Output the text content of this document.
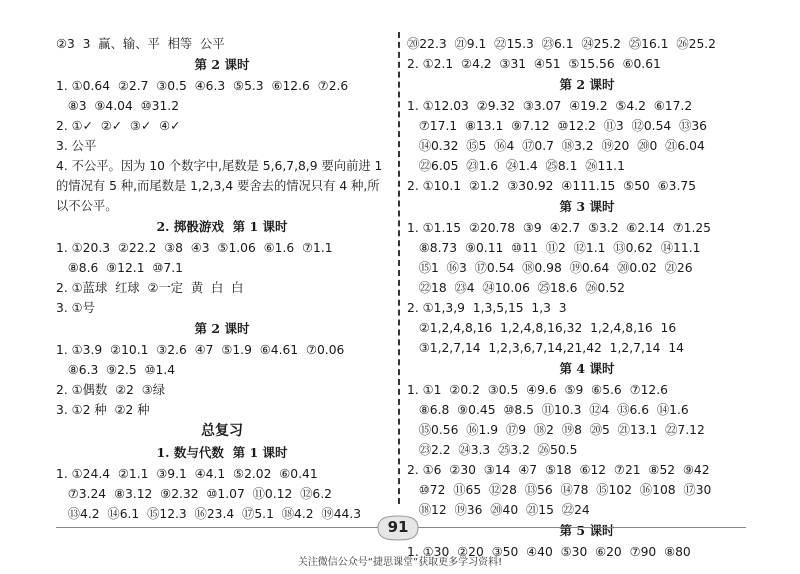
②3  3  赢、输、平  相等  公平
第 2 课时
1. ①0.64  ②2.7  ③0.5  ④6.3  ⑤5.3  ⑥12.6  ⑦2.6
⑧3  ⑨4.04  ⑩31.2
2. ①✓  ②✓  ③✓  ④✓
3. 公平
4. 不公平。因为 10 个数字中,尾数是 5,6,7,8,9 要向前进 1 的情况有 5 种,而尾数是 1,2,3,4 要舍去的情况只有 4 种,所以不公平。
2. 掷骰游戏  第 1 课时
1. ①20.3  ②22.2  ③8  ④3  ⑤1.06  ⑥1.6  ⑦1.1
⑧8.6  ⑨12.1  ⑩7.1
2. ①蓝球  红球  ②一定  黄  白  白
3. ①号
第 2 课时
1. ①3.9  ②10.1  ③2.6  ④7  ⑤1.9  ⑥4.61  ⑦0.06
⑧6.3  ⑨2.5  ⑩1.4
2. ①偶数  ②2  ③绿
3. ①2 种  ②2 种
总复习
1. 数与代数  第 1 课时
1. ①24.4  ②1.1  ③9.1  ④4.1  ⑤2.02  ⑥0.41
⑦3.24  ⑧3.12  ⑨2.32  ⑩1.07  ⑪0.12  ⑫6.2
⑬4.2  ⑭6.1  ⑮12.3  ⑯23.4  ⑰5.1  ⑱4.2  ⑲44.3
⑳22.3  ㉑9.1  ㉒15.3  ㉓6.1  ㉔25.2  ㉕16.1  ㉖25.2
2. ①2.1  ②4.2  ③31  ④51  ⑤15.56  ⑥0.61
第 2 课时
1. ①12.03  ②9.32  ③3.07  ④19.2  ⑤4.2  ⑥17.2
⑦17.1  ⑧13.1  ⑨7.12  ⑩12.2  ⑪3  ⑫0.54  ⑬36
⑭0.32  ⑮5  ⑯4  ⑰0.7  ⑱3.2  ⑲20  ⑳0  ㉑6.04
㉒6.05  ㉓1.6  ㉔1.4  ㉕8.1  ㉖11.1
2. ①10.1  ②1.2  ③30.92  ④111.15  ⑤50  ⑥3.75
第 3 课时
1. ①1.15  ②20.78  ③9  ④2.7  ⑤3.2  ⑥2.14  ⑦1.25
⑧8.73  ⑨0.11  ⑩11  ⑪2  ⑫1.1  ⑬0.62  ⑭11.1
⑮1  ⑯3  ⑰0.54  ⑱0.98  ⑲0.64  ⑳0.02  ㉑26
㉒18  ㉓4  ㉔10.06  ㉕18.6  ㉖0.52
2. ①1,3,9  1,3,5,15  1,3  3
②1,2,4,8,16  1,2,4,8,16,32  1,2,4,8,16  16
③1,2,7,14  1,2,3,6,7,14,21,42  1,2,7,14  14
第 4 课时
1. ①1  ②0.2  ③0.5  ④9.6  ⑤9  ⑥5.6  ⑦12.6
⑧6.8  ⑨0.45  ⑩8.5  ⑪10.3  ⑫4  ⑬6.6  ⑭1.6
⑮0.56  ⑯1.9  ⑰9  ⑱2  ⑲8  ⑳5  ㉑13.1  ㉒7.12
㉓2.2  ㉔3.3  ㉕3.2  ㉖50.5
2. ①6  ②30  ③14  ④7  ⑤18  ⑥12  ⑦21  ⑧52  ⑨42
⑩72  ⑪65  ⑫28  ⑬56  ⑭78  ⑮102  ⑯108  ⑰30
⑱12  ⑲36  ⑳40  ㉑15  ㉒24
第 5 课时
1. ①30  ②20  ③50  ④40  ⑤30  ⑥20  ⑦90  ⑧80
91
关注微信公众号“捷思课堂”获取更多学习资料!
